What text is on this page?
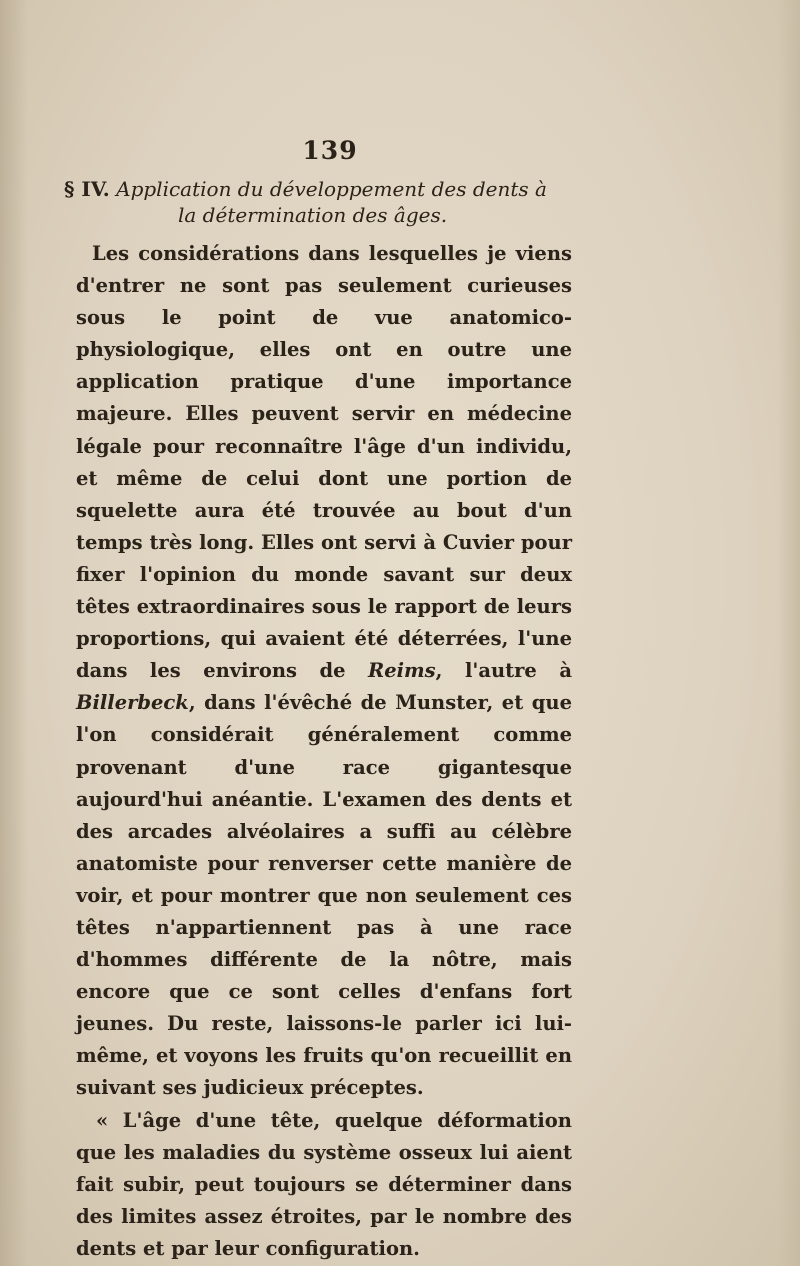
139
§ IV. Application du développement des dents à
la détermination des âges.

Les considérations dans lesquelles je viens d'entrer ne sont pas seulement curieuses sous le point de vue anatomico-physiologique, elles ont en outre une application pratique d'une importance majeure. Elles peuvent servir en médecine légale pour reconnaître l'âge d'un individu, et même de celui dont une portion de squelette aura été trouvée au bout d'un temps très long. Elles ont servi à Cuvier pour fixer l'opinion du monde savant sur deux têtes extraordinaires sous le rapport de leurs proportions, qui avaient été déterrées, l'une dans les environs de Reims, l'autre à Billerbeck, dans l'évêché de Munster, et que l'on considérait généralement comme provenant d'une race gigantesque aujourd'hui anéantie. L'examen des dents et des arcades alvéolaires a suffi au célèbre anatomiste pour renverser cette manière de voir, et pour montrer que non seulement ces têtes n'appartiennent pas à une race d'hommes différente de la nôtre, mais encore que ce sont celles d'enfans fort jeunes. Du reste, laissons-le parler ici lui-même, et voyons les fruits qu'on recueillit en suivant ses judicieux préceptes.

« L'âge d'une tête, quelque déformation que les maladies du système osseux lui aient fait subir, peut toujours se déterminer dans des limites assez étroites, par le nombre des dents et par leur configuration.
